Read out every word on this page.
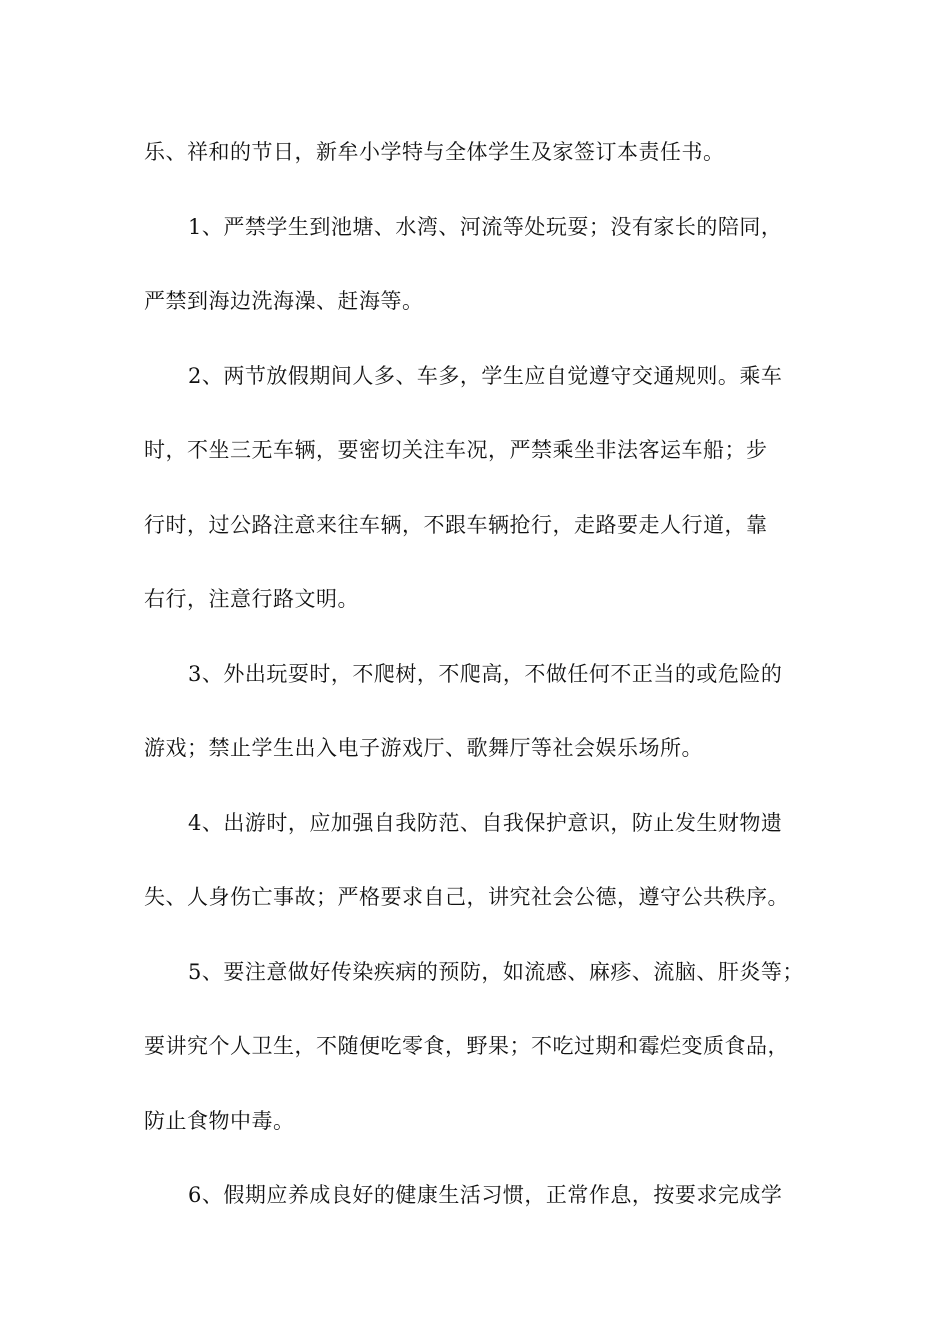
乐、祥和的节日，新牟小学特与全体学生及家签订本责任书。
1、严禁学生到池塘、水湾、河流等处玩耍；没有家长的陪同，
严禁到海边洗海澡、赶海等。
2、两节放假期间人多、车多，学生应自觉遵守交通规则。乘车
时，不坐三无车辆，要密切关注车况，严禁乘坐非法客运车船；步
行时，过公路注意来往车辆，不跟车辆抢行，走路要走人行道，靠
右行，注意行路文明。
3、外出玩耍时，不爬树，不爬高，不做任何不正当的或危险的
游戏；禁止学生出入电子游戏厅、歌舞厅等社会娱乐场所。
4、出游时，应加强自我防范、自我保护意识，防止发生财物遗
失、人身伤亡事故；严格要求自己，讲究社会公德，遵守公共秩序。
5、要注意做好传染疾病的预防，如流感、麻疹、流脑、肝炎等；
要讲究个人卫生，不随便吃零食，野果；不吃过期和霉烂变质食品，
防止食物中毒。
6、假期应养成良好的健康生活习惯，正常作息，按要求完成学
